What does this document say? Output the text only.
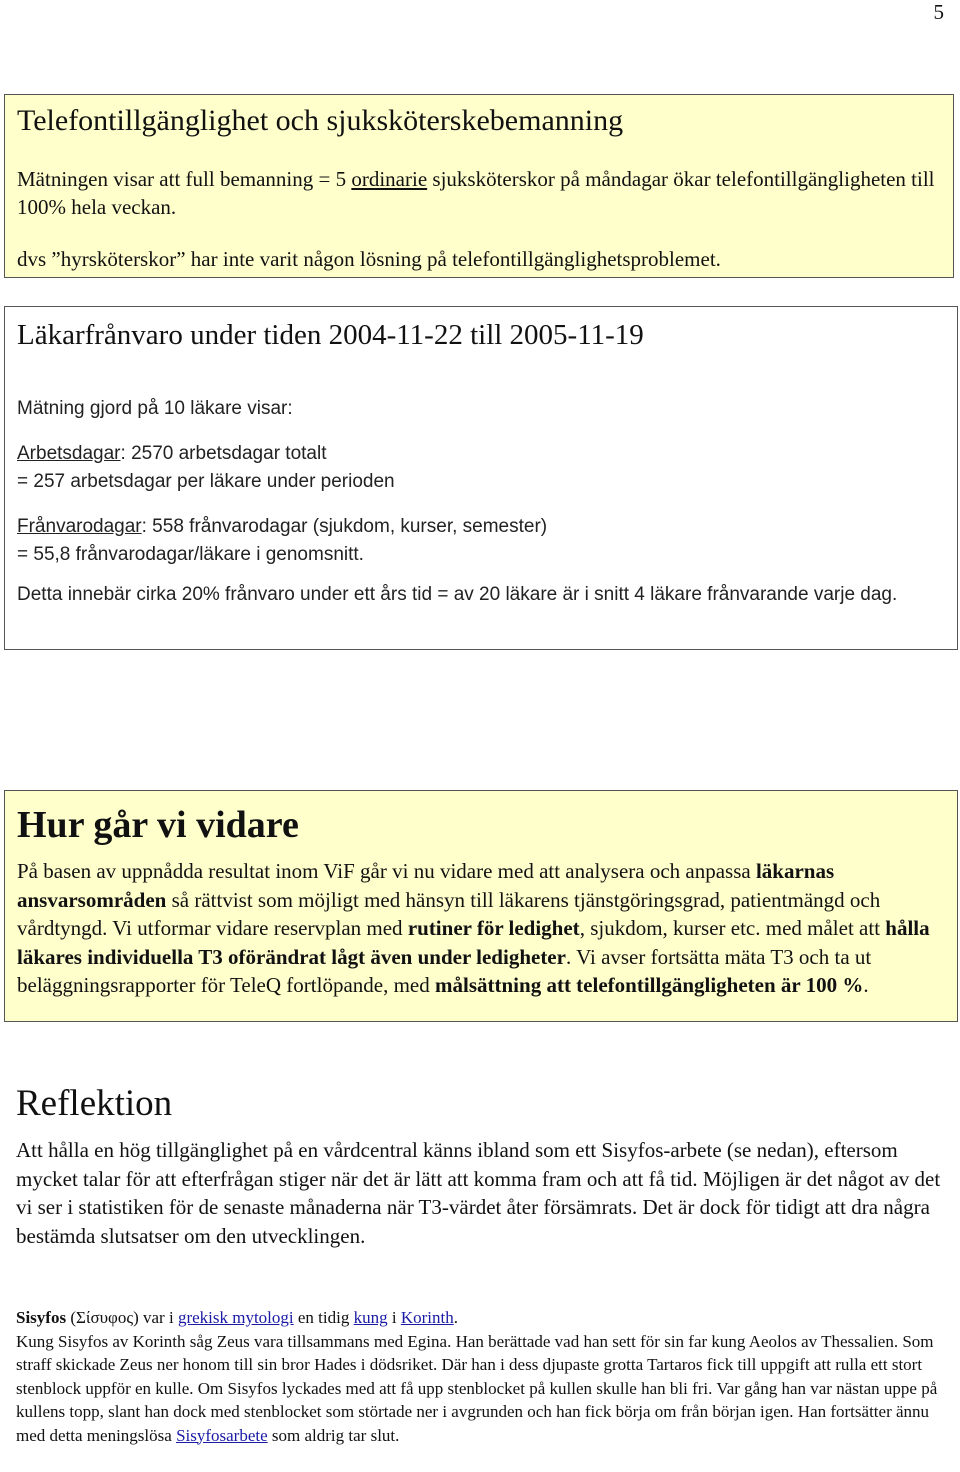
5
Telefontillgänglighet och sjuksköterskebemanning
Mätningen visar att full bemanning = 5 ordinarie sjuksköterskor på måndagar ökar telefontillgängligheten till 100% hela veckan.
dvs ”hyrsköterskor” har inte varit någon lösning på telefontillgänglighetsproblemet.
Läkarfrånvaro under tiden 2004-11-22 till 2005-11-19
Mätning gjord på 10 läkare visar:
Arbetsdagar: 2570 arbetsdagar totalt
= 257 arbetsdagar per läkare under perioden
Frånvarodagar: 558 frånvarodagar (sjukdom, kurser, semester)
= 55,8 frånvarodagar/läkare i genomsnitt.
Detta innebär cirka 20% frånvaro under ett års tid = av 20 läkare är i snitt 4 läkare frånvarande varje dag.
Hur går vi vidare
På basen av uppnådda resultat inom ViF går vi nu vidare med att analysera och anpassa läkarnas ansvarsområden så rättvist som möjligt med hänsyn till läkarens tjänstgöringsgrad, patientmängd och vårdtyngd. Vi utformar vidare reservplan med rutiner för ledighet, sjukdom, kurser etc. med målet att hålla läkares individuella T3 oförändrat lågt även under ledigheter. Vi avser fortsätta mäta T3 och ta ut beläggningsrapporter för TeleQ fortlöpande, med målsättning att telefontillgängligheten är 100 %.
Reflektion
Att hålla en hög tillgänglighet på en vårdcentral känns ibland som ett Sisyfos-arbete (se nedan), eftersom mycket talar för att efterfrågan stiger när det är lätt att komma fram och att få tid. Möjligen är det något av det vi ser i statistiken för de senaste månaderna när T3-värdet åter försämrats. Det är dock för tidigt att dra några bestämda slutsatser om den utvecklingen.
Sisyfos (Σίσυφος) var i grekisk mytologi en tidig kung i Korinth.
Kung Sisyfos av Korinth såg Zeus vara tillsammans med Egina. Han berättade vad han sett för sin far kung Aeolos av Thessalien. Som straff skickade Zeus ner honom till sin bror Hades i dödsriket. Där han i dess djupaste grotta Tartaros fick till uppgift att rulla ett stort stenblock uppför en kulle. Om Sisyfos lyckades med att få upp stenblocket på kullen skulle han bli fri. Var gång han var nästan uppe på kullens topp, slant han dock med stenblocket som störtade ner i avgrunden och han fick börja om från början igen. Han fortsätter ännu med detta meningslösa Sisyfosarbete som aldrig tar slut.
